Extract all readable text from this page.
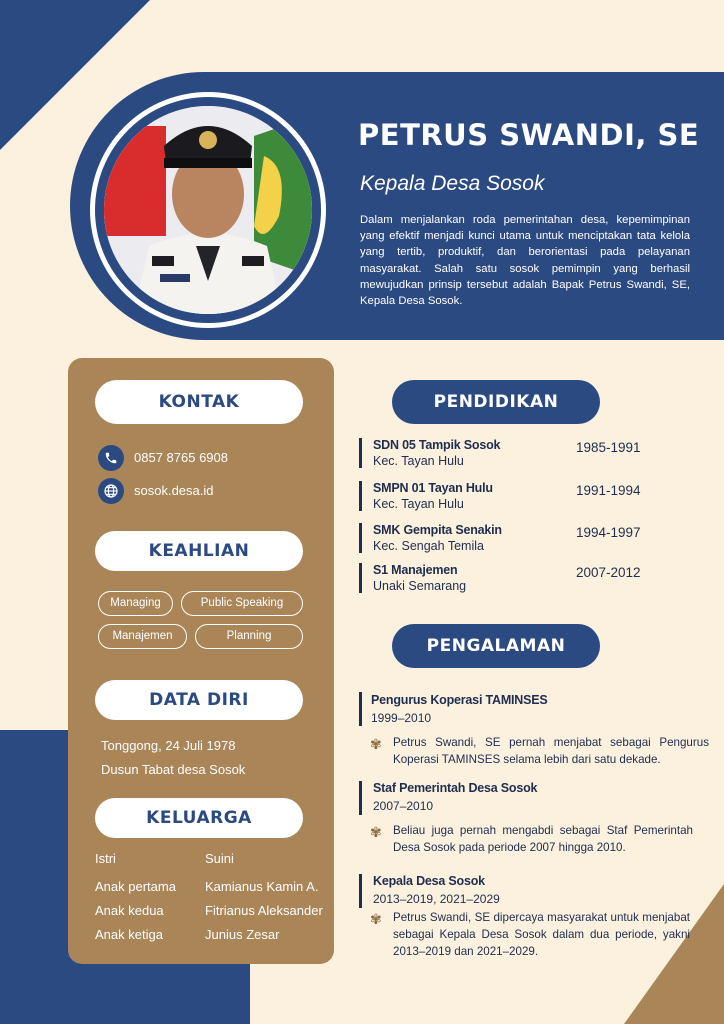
PETRUS SWANDI, SE
Kepala Desa Sosok
Dalam menjalankan roda pemerintahan desa, kepemimpinan yang efektif menjadi kunci utama untuk menciptakan tata kelola yang tertib, produktif, dan berorientasi pada pelayanan masyarakat. Salah satu sosok pemimpin yang berhasil mewujudkan prinsip tersebut adalah Bapak Petrus Swandi, SE, Kepala Desa Sosok.
KONTAK
0857 8765 6908
sosok.desa.id
KEAHLIAN
Managing	Public Speaking
Manajemen	Planning
DATA DIRI
Tonggong, 24 Juli 1978
Dusun Tabat desa Sosok
KELUARGA
Istri	Suini
Anak pertama Kamianus Kamin A.
Anak kedua	Fitrianus Aleksander
Anak ketiga	Junius Zesar
PENDIDIKAN
SDN 05 Tampik Sosok
Kec. Tayan Hulu
1985-1991
SMPN 01 Tayan Hulu
Kec. Tayan Hulu
1991-1994
SMK Gempita Senakin
Kec. Sengah Temila
1994-1997
S1 Manajemen
Unaki Semarang
2007-2012
PENGALAMAN
Pengurus Koperasi TAMINSES
1999–2010
✾ Petrus Swandi, SE pernah menjabat sebagai Pengurus Koperasi TAMINSES selama lebih dari satu dekade.
Staf Pemerintah Desa Sosok
2007–2010
✾ Beliau juga pernah mengabdi sebagai Staf Pemerintah Desa Sosok pada periode 2007 hingga 2010.
Kepala Desa Sosok
2013–2019, 2021–2029
✾ Petrus Swandi, SE dipercaya masyarakat untuk menjabat sebagai Kepala Desa Sosok dalam dua periode, yakni 2013–2019 dan 2021–2029.
